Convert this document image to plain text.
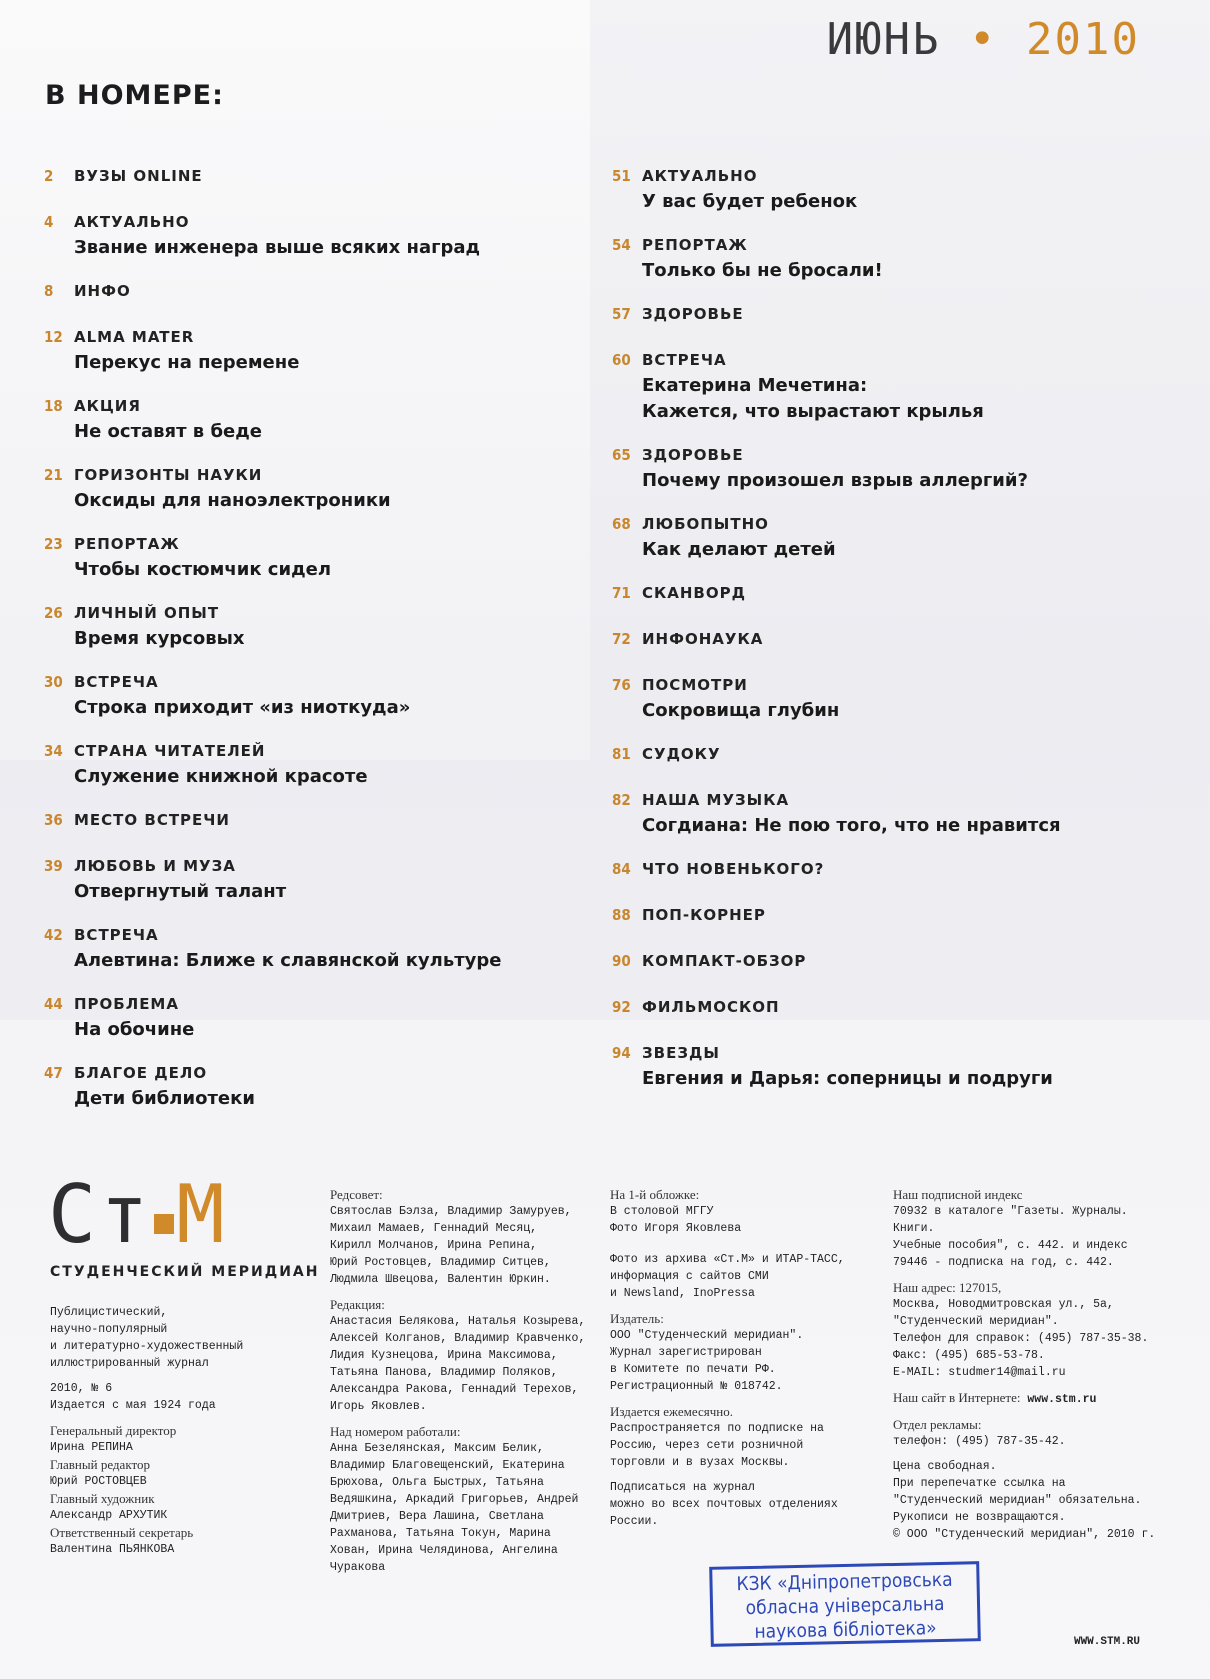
ИЮНЬ • 2010
В НОМЕРЕ:
2	ВУЗЫ ONLINE
4	АКТУАЛЬНО
Звание инженера выше всяких наград
8	ИНФО
12 ALMA MATER
Перекус на перемене
18 АКЦИЯ
Не оставят в беде
21 ГОРИЗОНТЫ НАУКИ
Оксиды для наноэлектроники
23 РЕПОРТАЖ
Чтобы костюмчик сидел
26 ЛИЧНЫЙ ОПЫТ
Время курсовых
30 ВСТРЕЧА
Строка приходит «из ниоткуда»
34 СТРАНА ЧИТАТЕЛЕЙ
Служение книжной красоте
36 МЕСТО ВСТРЕЧИ
39 ЛЮБОВЬ И МУЗА
Отвергнутый талант
42 ВСТРЕЧА
Алевтина: Ближе к славянской культуре
44 ПРОБЛЕМА
На обочине
47 БЛАГОЕ ДЕЛО
Дети библиотеки
51 АКТУАЛЬНО
У вас будет ребенок
54 РЕПОРТАЖ
Только бы не бросали!
57 ЗДОРОВЬЕ
60 ВСТРЕЧА
Екатерина Мечетина:
Кажется, что вырастают крылья
65 ЗДОРОВЬЕ
Почему произошел взрыв аллергий?
68 ЛЮБОПЫТНО
Как делают детей
71 СКАНВОРД
72 ИНФОНАУКА
76 ПОСМОТРИ
Сокровища глубин
81 СУДОКУ
82 НАША МУЗЫКА
Согдиана: Не пою того, что не нравится
84 ЧТО НОВЕНЬКОГО?
88 ПОП-КОРНЕР
90 КОМПАКТ-ОБЗОР
92 ФИЛЬМОСКОП
94 ЗВЕЗДЫ
Евгения и Дарья: соперницы и подруги
Ст М
СТУДЕНЧЕСКИЙ МЕРИДИАН
Публицистический,
научно-популярный
и литературно-художественный
иллюстрированный журнал
2010, № 6
Издается с мая 1924 года
Генеральный директор
Ирина РЕПИНА
Главный редактор
Юрий РОСТОВЦЕВ
Главный художник
Александр АРХУТИК
Ответственный секретарь
Валентина ПЬЯНКОВА
Редсовет:
Святослав Бэлза, Владимир Замуруев,
Михаил Мамаев, Геннадий Месяц,
Кирилл Молчанов, Ирина Репина,
Юрий Ростовцев, Владимир Ситцев,
Людмила Швецова, Валентин Юркин.
Редакция:
Анастасия Белякова, Наталья Козырева,
Алексей Колганов, Владимир Кравченко,
Лидия Кузнецова, Ирина Максимова,
Татьяна Панова, Владимир Поляков,
Александра Ракова, Геннадий Терехов,
Игорь Яковлев.
Над номером работали:
Анна Безелянская, Максим Белик,
Владимир Благовещенский, Екатерина
Брюхова, Ольга Быстрых, Татьяна
Ведяшкина, Аркадий Григорьев, Андрей
Дмитриев, Вера Лашина, Светлана
Рахманова, Татьяна Токун, Марина
Хован, Ирина Челядинова, Ангелина
Чуракова
На 1-й обложке:
В столовой МГГУ
Фото Игоря Яковлева
Фото из архива «Ст.М» и ИТАР-ТАСС,
информация с сайтов СМИ
и Newsland, InoPressa
Издатель:
ООО "Студенческий меридиан".
Журнал зарегистрирован
в Комитете по печати РФ.
Регистрационный № 018742.
Издается ежемесячно.
Распространяется по подписке на
Россию, через сети розничной
торговли и в вузах Москвы.
Подписаться на журнал
можно во всех почтовых отделениях
России.
Наш подписной индекс
70932 в каталоге "Газеты. Журналы.
Книги.
Учебные пособия", с. 442. и индекс
79446 - подписка на год, с. 442.
Наш адрес: 127015,
Москва, Новодмитровская ул., 5а,
"Студенческий меридиан".
Телефон для справок: (495) 787-35-38.
Факс: (495) 685-53-78.
E-MAIL: studmer14@mail.ru
Наш сайт в Интернете: www.stm.ru
Отдел рекламы:
телефон: (495) 787-35-42.
Цена свободная.
При перепечатке ссылка на
"Студенческий меридиан" обязательна.
Рукописи не возвращаются.
© ООО "Студенческий меридиан", 2010 г.
КЗК «Дніпропетровська
обласна універсальна
наукова бібліотека»	WWW.STM.RU
